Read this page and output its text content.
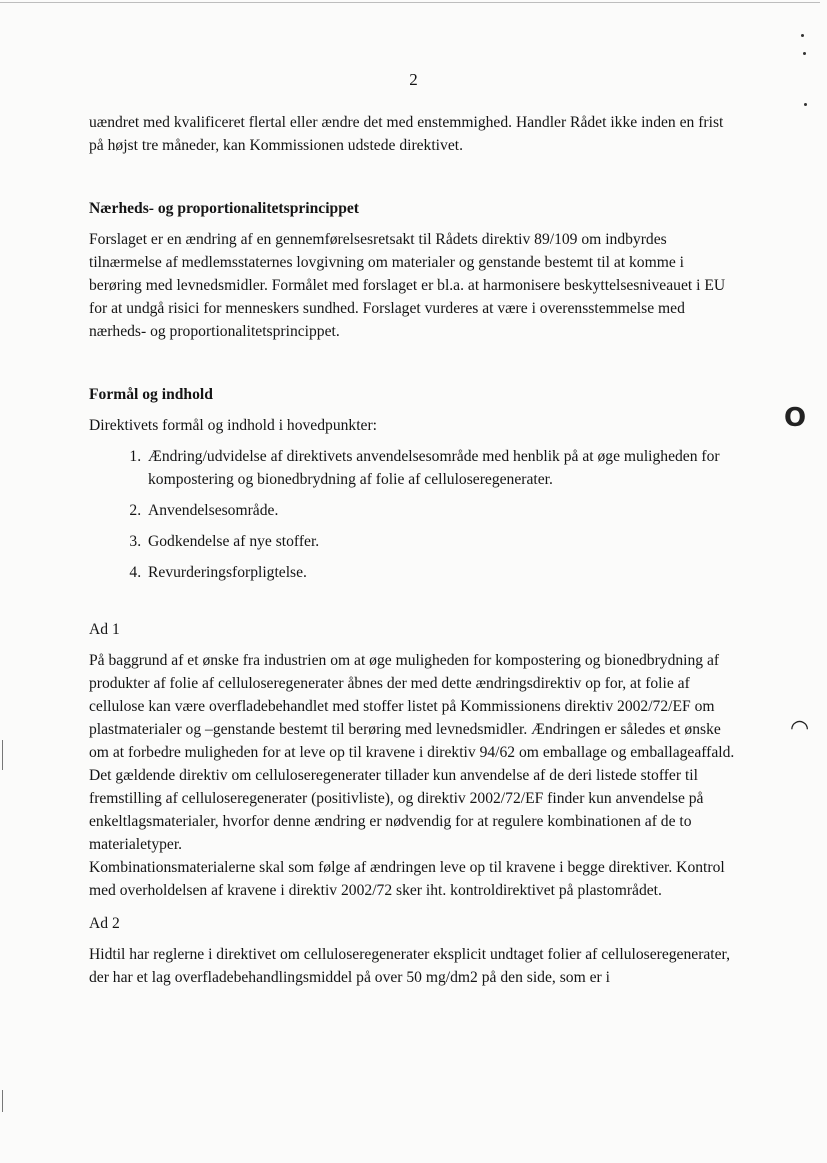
2

uændret med kvalificeret flertal eller ændre det med enstemmighed. Handler Rådet ikke inden en frist på højst tre måneder, kan Kommissionen udstede direktivet.

Nærheds- og proportionalitetsprincippet

Forslaget er en ændring af en gennemførelsesretsakt til Rådets direktiv 89/109 om indbyrdes tilnærmelse af medlemsstaternes lovgivning om materialer og genstande bestemt til at komme i berøring med levnedsmidler. Formålet med forslaget er bl.a. at harmonisere beskyttelsesniveauet i EU for at undgå risici for menneskers sundhed. Forslaget vurderes at være i overensstemmelse med nærheds- og proportionalitetsprincippet.

Formål og indhold

Direktivets formål og indhold i hovedpunkter:

1. Ændring/udvidelse af direktivets anvendelsesområde med henblik på at øge muligheden for kompostering og bionedbrydning af folie af celluloseregenerater.
2. Anvendelsesområde.
3. Godkendelse af nye stoffer.
4. Revurderingsforpligtelse.

Ad 1

På baggrund af et ønske fra industrien om at øge muligheden for kompostering og bionedbrydning af produkter af folie af celluloseregenerater åbnes der med dette ændringsdirektiv op for, at folie af cellulose kan være overfladebehandlet med stoffer listet på Kommissionens direktiv 2002/72/EF om plastmaterialer og –genstande bestemt til berøring med levnedsmidler. Ændringen er således et ønske om at forbedre muligheden for at leve op til kravene i direktiv 94/62 om emballage og emballageaffald. Det gældende direktiv om celluloseregenerater tillader kun anvendelse af de deri listede stoffer til fremstilling af celluloseregenerater (positivliste), og direktiv 2002/72/EF finder kun anvendelse på enkeltlagsmaterialer, hvorfor denne ændring er nødvendig for at regulere kombinationen af de to materialetyper.

Kombinationsmaterialerne skal som følge af ændringen leve op til kravene i begge direktiver. Kontrol med overholdelsen af kravene i direktiv 2002/72 sker iht. kontroldirektivet på plastområdet.

Ad 2

Hidtil har reglerne i direktivet om celluloseregenerater eksplicit undtaget folier af celluloseregenerater, der har et lag overfladebehandlingsmiddel på over 50 mg/dm2 på den side, som er i

O
◠
